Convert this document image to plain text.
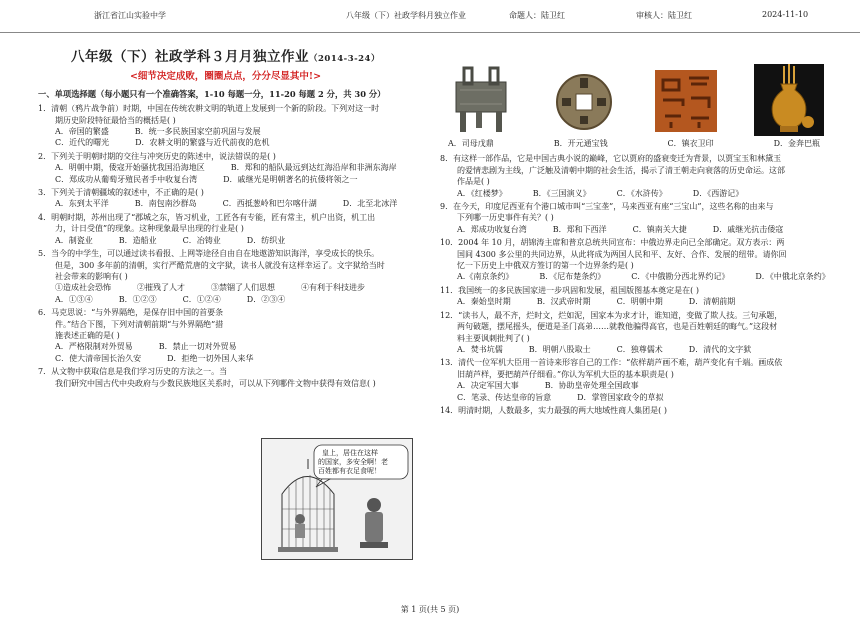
浙江省江山实验中学	八年级（下）社政学科月独立作业	命题人：陆卫红	审核人：陆卫红	2024-11-10
八年级（下）社政学科３月月独立作业（2014-3-24）
<细节决定成败，圈圈点点，分分尽显其中!>
一、单项选择题（每小题只有一个准确答案，1-10 每题一分，11-20 每题 2 分，共 30 分）

1．清朝（鸦片战争前）时期，中国在传统农耕文明的轨道上发展到一个新的阶段。下列对这一时

期历史阶段特征最恰当的概括是( )

A．帝国的繁盛	B．统一多民族国家空前巩固与发展
C．近代的曙光	D．农耕文明的繁盛与近代前夜的危机

2．下列关于明朝时期的交往与冲突历史的陈述中，说法错误的是( )

A．明朝中期，倭寇开始骚扰我国沿海地区	B．郑和的船队最远到达红海沿岸和非洲东海岸
C．郑成功从葡萄牙殖民者手中收复台湾	D．戚继光是明朝著名的抗倭将领之一

3．下列关于清朝疆域的叙述中，不正确的是( )

A．东到太平洋	B．南包南沙群岛	C．西抵葱岭和巴尔喀什湖	D．北至北冰洋

4．明朝时期，苏州出现了“郡城之东，皆习机业，工匠各有专能，匠有常主，机户出资，机工出

力，计日受值”的现象。这种现象最早出现的行业是( )

A．制瓷业	B．造船业	C．冶铸业	D．纺织业

5．当今的中学生，可以通过读书看报、上网等途径自由自在地遨游知识海洋，享受成长的快乐。

但是，300 多年前的清朝，实行严酷荒唐的文字狱，读书人就没有这样幸运了。文字狱给当时

社会带来的影响有( )

①造成社会恐怖	②摧残了人才	③禁锢了人们思想	④有利于科技进步
A．①③④	B．①②③	C．①②④	D．②③④

6．马克思说：“与外界隔绝，是保存旧中国的首要条

件。”结合下图，下列对清朝前期“与外界隔绝”措

施表述正确的是( )

A．严格限制对外贸易	B．禁止一切对外贸易
C．使大清帝国长治久安	D．拒绝一切外国人来华

7．从文物中获取信息是我们学习历史的方法之一。当

我们研究中国古代中央政府与少数民族地区关系时，可以从下列哪件文物中获得有效信息( )

皇上，居住在这样
的国家，多安全啊！老
百姓都有衣足食呢！
A．司母戊鼎	B．开元通宝钱	C．镇衣卫印	D．金奔巴瓶

8．有这样一部作品，它是中国古典小说的巅峰，它以贾府的盛衰变迁为背景，以贾宝玉和林黛玉

的爱情悲剧为主线，广泛触及清朝中期的社会生活，揭示了清王朝走向衰落的历史命运。这部

作品是( )

A．《红楼梦》	B．《三国演义》	C．《水浒传》	D．《西游记》

9．在今天，印度尼西亚有个港口城市叫“三宝垄”，马来西亚有座“三宝山”，这些名称的由来与

下列哪一历史事件有关？( )

A．郑成功收复台湾	B．郑和下西洋	C．镇南关大捷	D．戚继光抗击倭寇

10．2004 年 10 月，胡锦涛主席和普京总统共同宣布：中俄边界走向已全部确定。双方表示：两

国间 4300 多公里的共同边界，从此将成为两国人民和平、友好、合作、发展的纽带。请你回

忆一下历史上中俄双方签订的第一个边界条约是( )

A.《南京条约》	B．《尼布楚条约》	C．《中俄勘分西北界约记》	D．《中俄北京条约》

11．我国统一的多民族国家进一步巩固和发展，祖国版图基本奠定是在( )

A．秦始皇时期	B．汉武帝时期	C．明朝中期	D．清朝前期

12．“读书人，最不齐，烂时文，烂如泥，国家本为求才计，谁知道，变做了欺人技。三句承题，

两句破题，摆尾摇头，便道是圣门高弟……就教他骗得高官，也是百姓朝廷的晦气。”这段材

料主要讽刺批判了( )

A．焚书坑儒	B．明朝八股取士	C．独尊儒术	D．清代的文字狱

13．清代一位军机大臣用一首诗来形容自己的工作：“依样葫芦画不难，葫芦变化有千端。画成依

旧葫芦样，要把葫芦仔细看。”你认为军机大臣的基本职责是( )

A．决定军国大事	B．协助皇帝处理全国政事
C．笔录、传达皇帝的旨意	D．掌管国家政令的草拟

14．明清时期，人数最多，实力最强的两大地域性商人集团是( )

第 1 页(共 5 页)
